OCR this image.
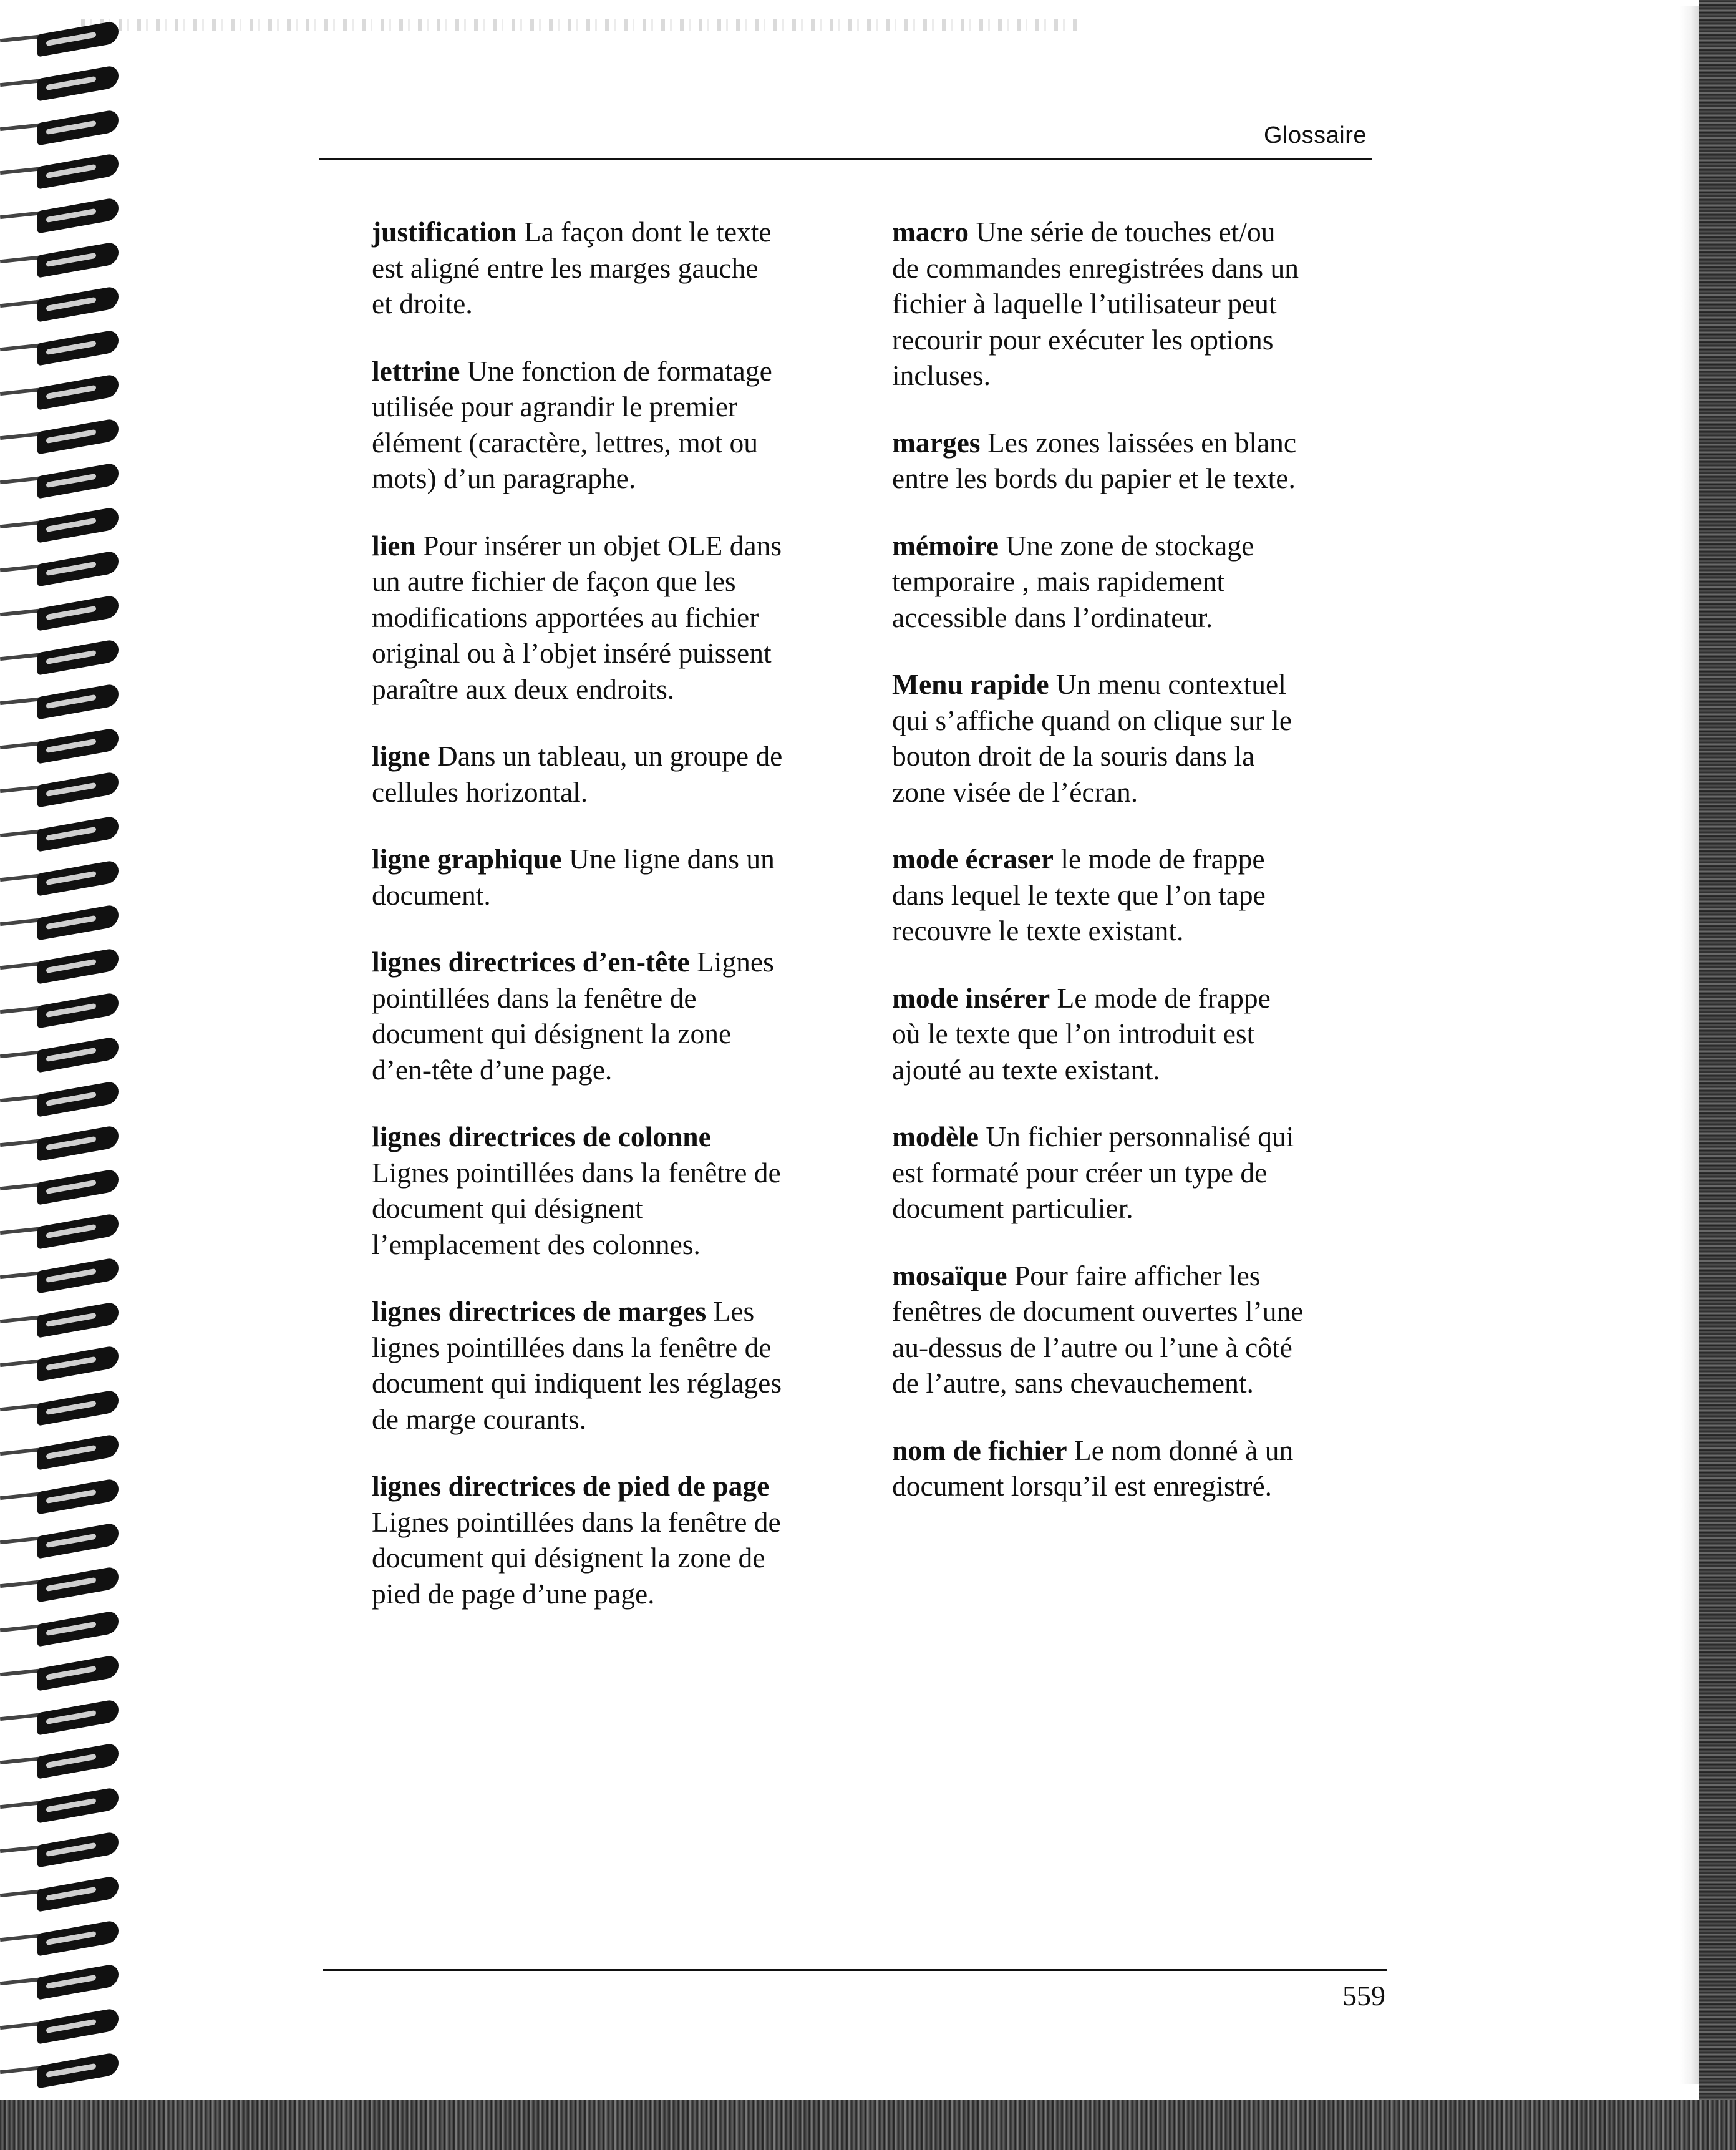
Glossaire

justification La façon dont le texte est aligné entre les marges gauche et droite.

lettrine Une fonction de formatage utilisée pour agrandir le premier élément (caractère, lettres, mot ou mots) d’un paragraphe.

lien Pour insérer un objet OLE dans un autre fichier de façon que les modifications apportées au fichier original ou à l’objet inséré puissent paraître aux deux endroits.

ligne Dans un tableau, un groupe de cellules horizontal.

ligne graphique Une ligne dans un document.

lignes directrices d’en-tête Lignes pointillées dans la fenêtre de document qui désignent la zone d’en-tête d’une page.

lignes directrices de colonneLignes pointillées dans la fenêtre de document qui désignent l’emplacement des colonnes.

lignes directrices de marges Les lignes pointillées dans la fenêtre de document qui indiquent les réglages de marge courants.

lignes directrices de pied de pageLignes pointillées dans la fenêtre de document qui désignent la zone de pied de page d’une page.

macro Une série de touches et/ou de commandes enregistrées dans un fichier à laquelle l’utilisateur peut recourir pour exécuter les options incluses.

marges Les zones laissées en blanc entre les bords du papier et le texte.

mémoire Une zone de stockage temporaire , mais rapidement accessible dans l’ordinateur.

Menu rapide Un menu contextuel qui s’affiche quand on clique sur le bouton droit de la souris dans la zone visée de l’écran.

mode écraser le mode de frappe dans lequel le texte que l’on tape recouvre le texte existant.

mode insérer Le mode de frappe où le texte que l’on introduit est ajouté au texte existant.

modèle Un fichier personnalisé qui est formaté pour créer un type de document particulier.

mosaïque Pour faire afficher les fenêtres de document ouvertes l’une au-dessus de l’autre ou l’une à côté de l’autre, sans chevauchement.

nom de fichier Le nom donné à un document lorsqu’il est enregistré.

559
